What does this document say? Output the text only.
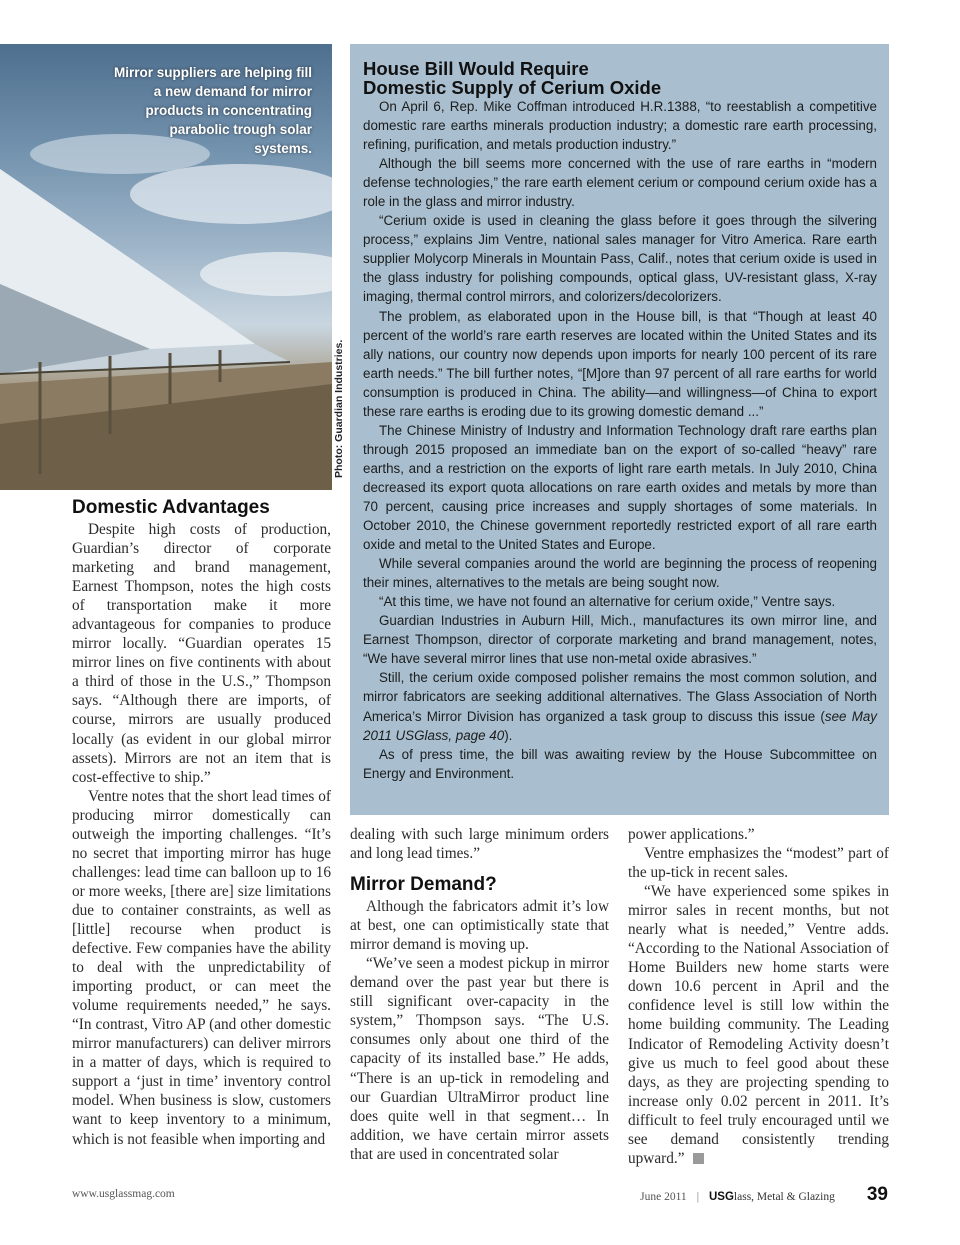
Mirror suppliers are helping fill a new demand for mirror products in concentrating parabolic trough solar systems.
Photo: Guardian Industries.
House Bill Would Require
Domestic Supply of Cerium Oxide

On April 6, Rep. Mike Coffman introduced H.R.1388, “to reestablish a competitive domestic rare earths minerals production industry; a domestic rare earth processing, refining, purification, and metals production industry.”

Although the bill seems more concerned with the use of rare earths in “modern defense technologies,” the rare earth element cerium or compound cerium oxide has a role in the glass and mirror industry.

“Cerium oxide is used in cleaning the glass before it goes through the silvering process,” explains Jim Ventre, national sales manager for Vitro America. Rare earth supplier Molycorp Minerals in Mountain Pass, Calif., notes that cerium oxide is used in the glass industry for polishing compounds, optical glass, UV-resistant glass, X-ray imaging, thermal control mirrors, and colorizers/decolorizers.

The problem, as elaborated upon in the House bill, is that “Though at least 40 percent of the world’s rare earth reserves are located within the United States and its ally nations, our country now depends upon imports for nearly 100 percent of its rare earth needs.” The bill further notes, “[M]ore than 97 percent of all rare earths for world consumption is produced in China. The ability—and willingness—of China to export these rare earths is eroding due to its growing domestic demand ...”

The Chinese Ministry of Industry and Information Technology draft rare earths plan through 2015 proposed an immediate ban on the export of so-called “heavy” rare earths, and a restriction on the exports of light rare earth metals. In July 2010, China decreased its export quota allocations on rare earth oxides and metals by more than 70 percent, causing price increases and supply shortages of some materials. In October 2010, the Chinese government reportedly restricted export of all rare earth oxide and metal to the United States and Europe.

While several companies around the world are beginning the process of reopening their mines, alternatives to the metals are being sought now.

“At this time, we have not found an alternative for cerium oxide,” Ventre says.

Guardian Industries in Auburn Hill, Mich., manufactures its own mirror line, and Earnest Thompson, director of corporate marketing and brand management, notes, “We have several mirror lines that use non-metal oxide abrasives.”

Still, the cerium oxide composed polisher remains the most common solution, and mirror fabricators are seeking additional alternatives. The Glass Association of North America’s Mirror Division has organized a task group to discuss this issue (see May 2011 USGlass, page 40).

As of press time, the bill was awaiting review by the House Subcommittee on Energy and Environment.

Domestic Advantages

Despite high costs of production, Guardian’s director of corporate marketing and brand management, Earnest Thompson, notes the high costs of transportation make it more advantageous for companies to produce mirror locally. “Guardian operates 15 mirror lines on five continents with about a third of those in the U.S.,” Thompson says. “Although there are imports, of course, mirrors are usually produced locally (as evident in our global mirror assets). Mirrors are not an item that is cost-effective to ship.”

Ventre notes that the short lead times of producing mirror domestically can outweigh the importing challenges. “It’s no secret that importing mirror has huge challenges: lead time can balloon up to 16 or more weeks, [there are] size limitations due to container constraints, as well as [little] recourse when product is defective. Few companies have the ability to deal with the unpredictability of importing product, or can meet the volume requirements needed,” he says. “In contrast, Vitro AP (and other domestic mirror manufacturers) can deliver mirrors in a matter of days, which is required to support a ‘just in time’ inventory control model. When business is slow, customers want to keep inventory to a minimum, which is not feasible when importing and

dealing with such large minimum orders and long lead times.”

Mirror Demand?

Although the fabricators admit it’s low at best, one can optimistically state that mirror demand is moving up.

“We’ve seen a modest pickup in mirror demand over the past year but there is still significant over-capacity in the system,” Thompson says. “The U.S. consumes only about one third of the capacity of its installed base.” He adds, “There is an up-tick in remodeling and our Guardian UltraMirror product line does quite well in that segment… In addition, we have certain mirror assets that are used in concentrated solar

power applications.”

Ventre emphasizes the “modest” part of the up-tick in recent sales.

“We have experienced some spikes in mirror sales in recent months, but not nearly what is needed,” Ventre adds. “According to the National Association of Home Builders new home starts were down 10.6 percent in April and the confidence level is still low within the home building community. The Leading Indicator of Remodeling Activity doesn’t give us much to feel good about these days, as they are projecting spending to increase only 0.02 percent in 2011. It’s difficult to feel truly encouraged until we see demand consistently trending upward.”

www.usglassmag.com	June 2011 | USGlass, Metal & Glazing 39
